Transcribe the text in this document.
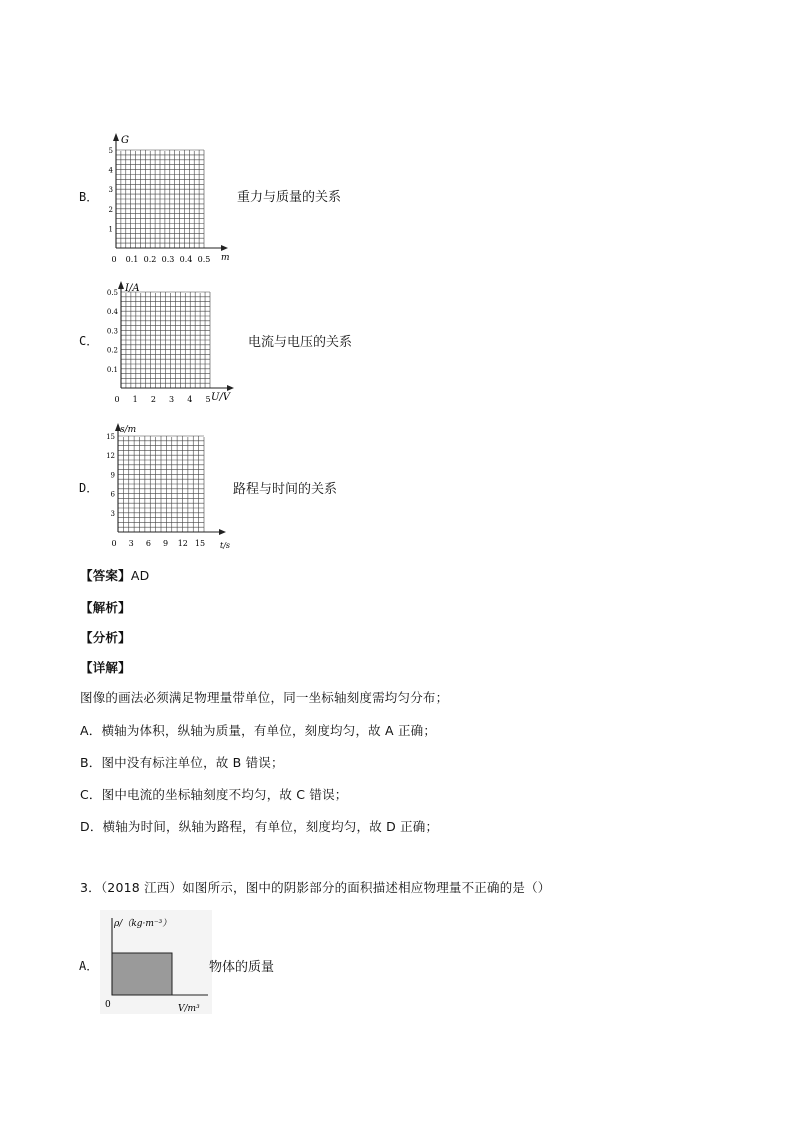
B．
G
m
1
2
3
4
5
0 0.1 0.2 0.3 0.4 0.5
重力与质量的关系
C．
I/A
U/V
0.1
0.2
0.3
0.4
0.5
0 1 2 3 4 5
电流与电压的关系
D．
s/m
t/s
3
6
9
12
15
0 3 6 9 12 15
路程与时间的关系
【答案】AD
【解析】
【分析】
【详解】
图像的画法必须满足物理量带单位，同一坐标轴刻度需均匀分布；
A．横轴为体积，纵轴为质量，有单位，刻度均匀，故 A 正确；
B．图中没有标注单位，故 B 错误；
C．图中电流的坐标轴刻度不均匀，故 C 错误；
D．横轴为时间，纵轴为路程，有单位，刻度均匀，故 D 正确；
3．（2018 江西）如图所示，图中的阴影部分的面积描述相应物理量不正确的是（）
A．
ρ/（kg·m⁻³）
0	V/m³
物体的质量
